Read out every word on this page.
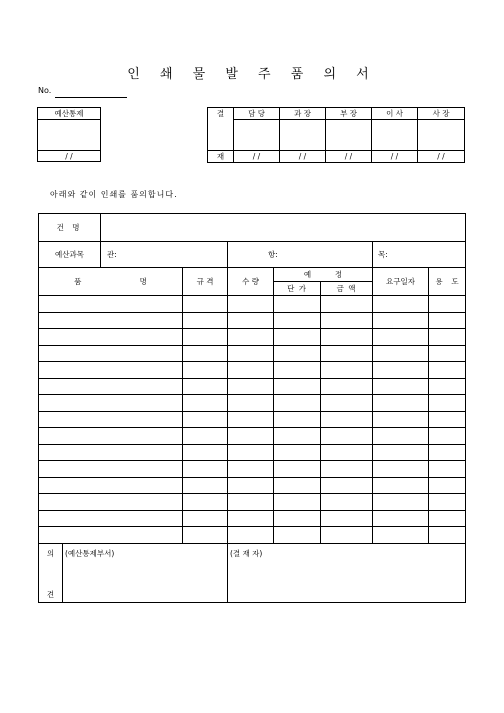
인 쇄 물 발 주 품 의 서
No.
예산통제

/ /
결	담 당	과 장	부 장	이 사	사 장

재	/ /	/ /	/ /	/ /	/ /
아래와 같이 인쇄를 품의합니다.
건 명								
예산과목		관:		항:			목:	

품 명			규 격	수 량	예 정		요구일자	용 도

					단 가	금 액		

의
견	(예산통제부서)			(결 재 자)				
